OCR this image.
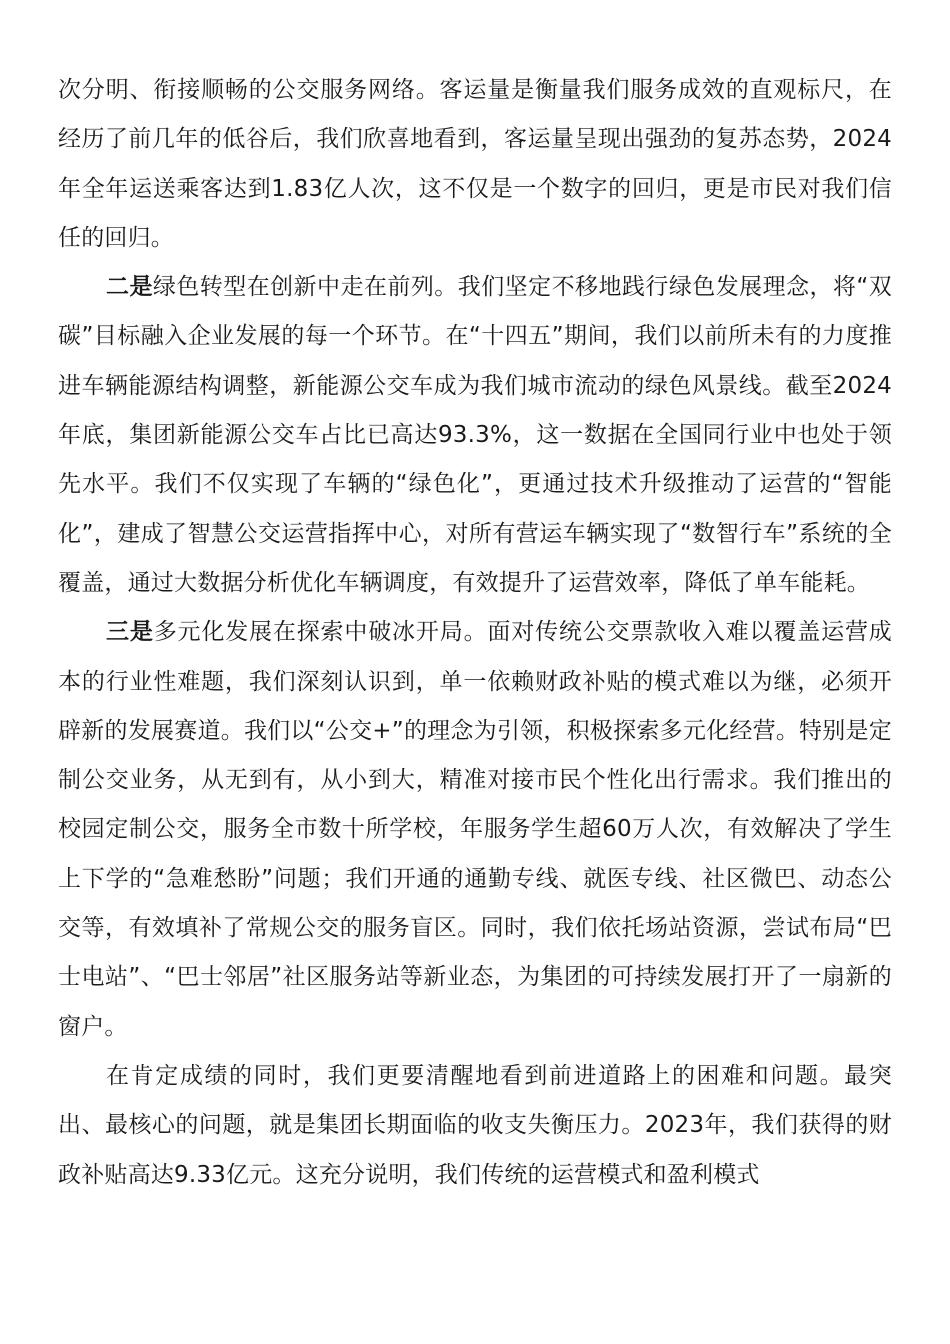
次分明、衔接顺畅的公交服务网络。客运量是衡量我们服务成效的直观标尺，在经历了前几年的低谷后，我们欣喜地看到，客运量呈现出强劲的复苏态势，2024年全年运送乘客达到1.83亿人次，这不仅是一个数字的回归，更是市民对我们信任的回归。

二是绿色转型在创新中走在前列。我们坚定不移地践行绿色发展理念，将“双碳”目标融入企业发展的每一个环节。在“十四五”期间，我们以前所未有的力度推进车辆能源结构调整，新能源公交车成为我们城市流动的绿色风景线。截至2024年底，集团新能源公交车占比已高达93.3%，这一数据在全国同行业中也处于领先水平。我们不仅实现了车辆的“绿色化”，更通过技术升级推动了运营的“智能化”，建成了智慧公交运营指挥中心，对所有营运车辆实现了“数智行车”系统的全覆盖，通过大数据分析优化车辆调度，有效提升了运营效率，降低了单车能耗。

三是多元化发展在探索中破冰开局。面对传统公交票款收入难以覆盖运营成本的行业性难题，我们深刻认识到，单一依赖财政补贴的模式难以为继，必须开辟新的发展赛道。我们以“公交+”的理念为引领，积极探索多元化经营。特别是定制公交业务，从无到有，从小到大，精准对接市民个性化出行需求。我们推出的校园定制公交，服务全市数十所学校，年服务学生超60万人次，有效解决了学生上下学的“急难愁盼”问题；我们开通的通勤专线、就医专线、社区微巴、动态公交等，有效填补了常规公交的服务盲区。同时，我们依托场站资源，尝试布局“巴士电站”、“巴士邻居”社区服务站等新业态，为集团的可持续发展打开了一扇新的窗户。

在肯定成绩的同时，我们更要清醒地看到前进道路上的困难和问题。最突出、最核心的问题，就是集团长期面临的收支失衡压力。2023年，我们获得的财政补贴高达9.33亿元。这充分说明，我们传统的运营模式和盈利模式
